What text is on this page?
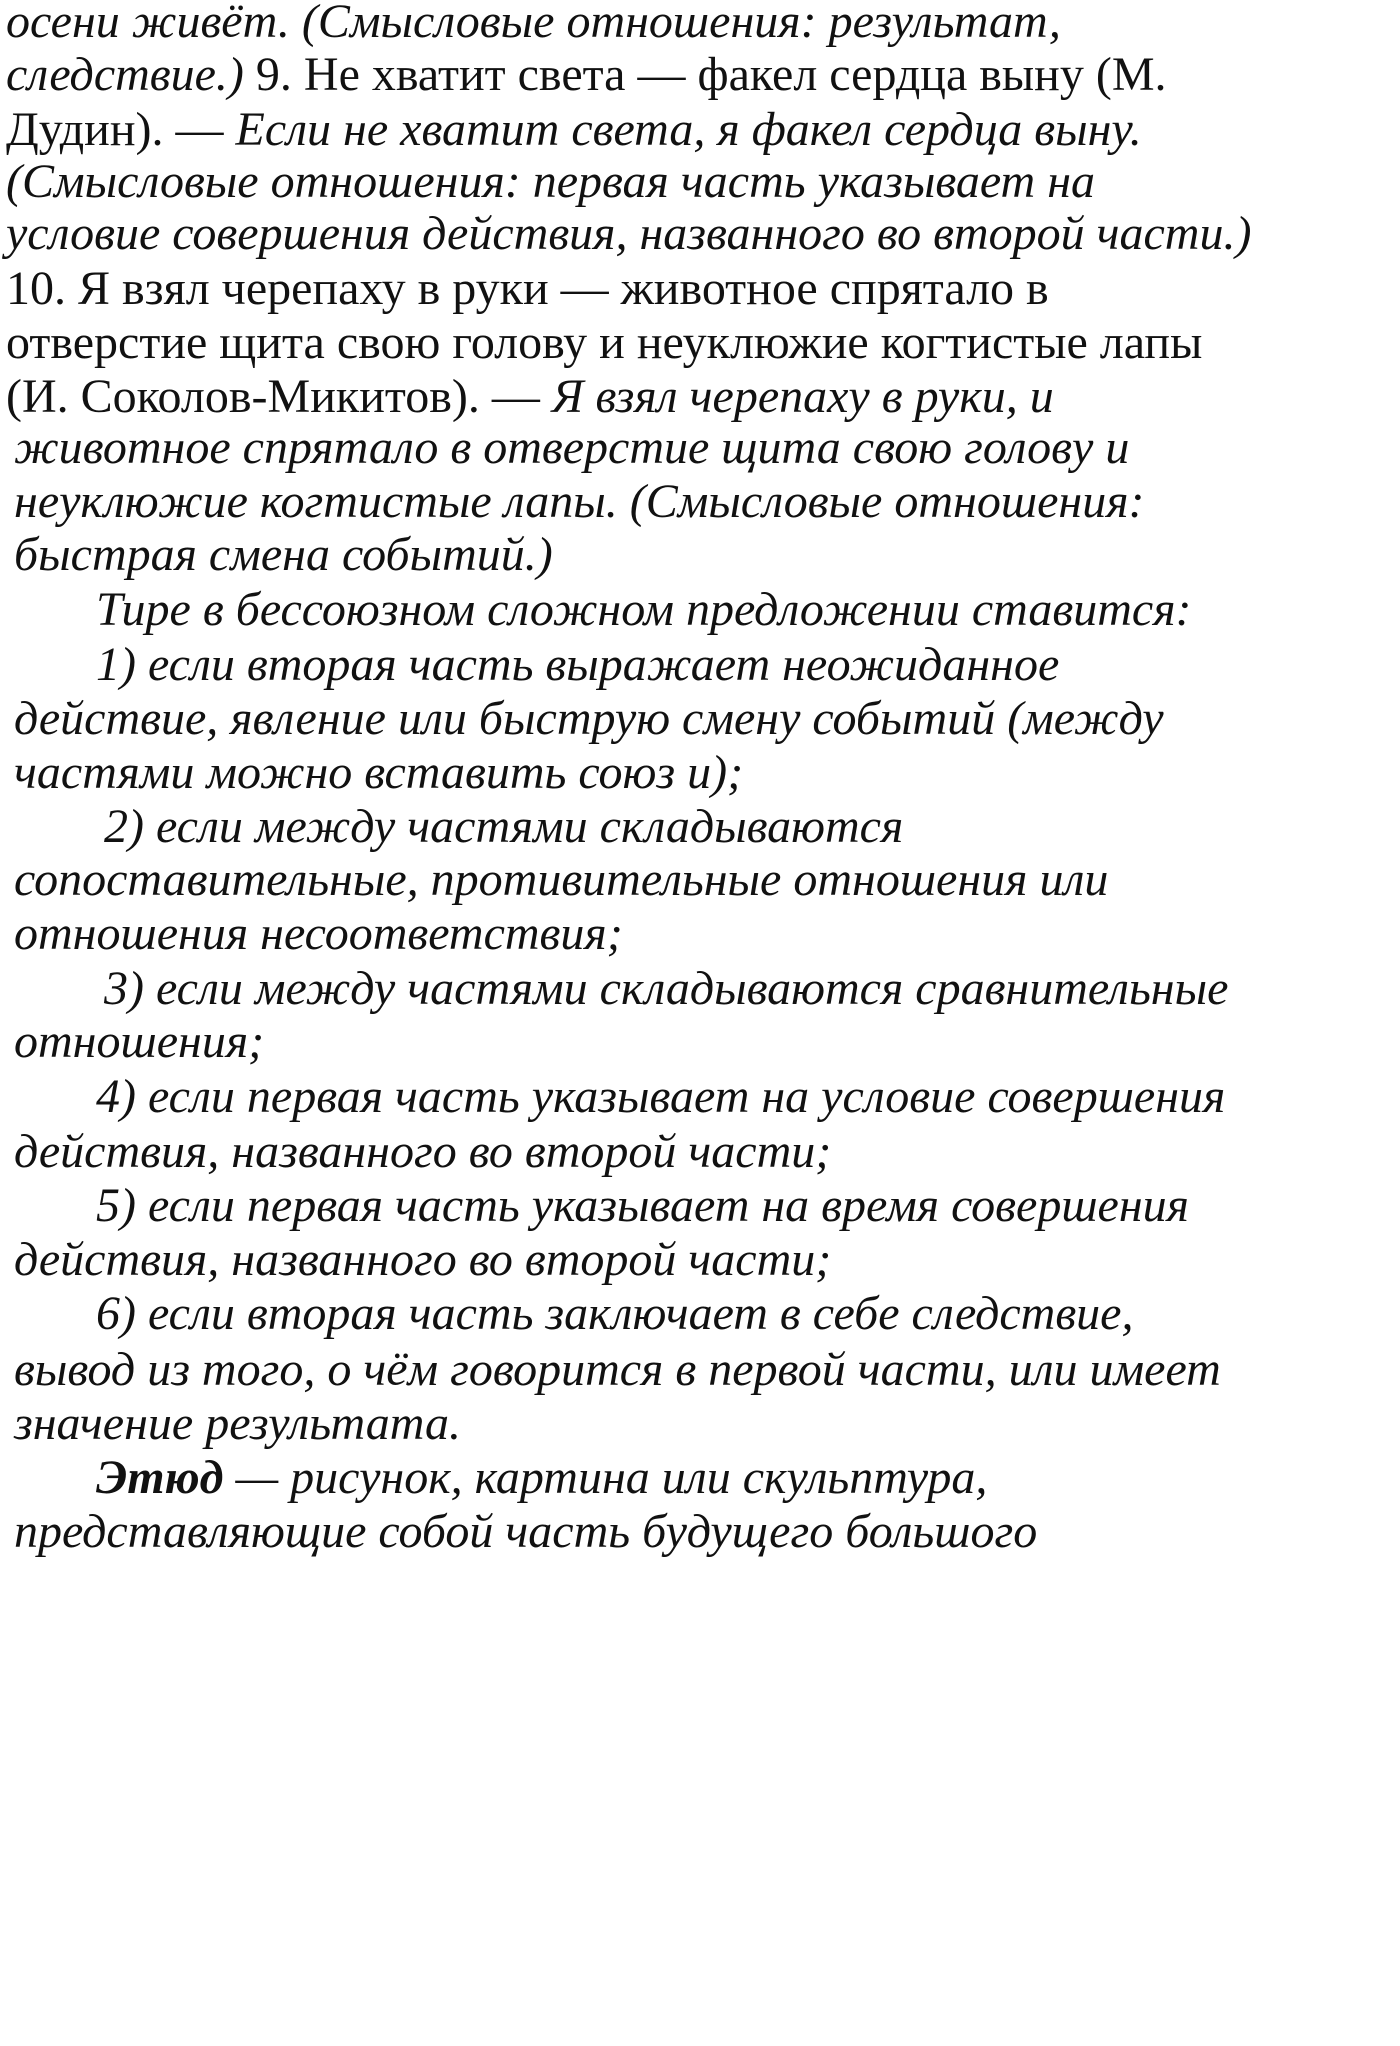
осени живёт. (Смысловые отношения: результат,
следствие.) 9. Не хватит света — факел сердца выну (М.
Дудин). — Если не хватит света, я факел сердца выну.
(Смысловые отношения: первая часть указывает на
условие совершения действия, названного во второй части.)
10. Я взял черепаху в руки — животное спрятало в
отверстие щита свою голову и неуклюжие когтистые лапы
(И. Соколов-Микитов). — Я взял черепаху в руки, и
животное спрятало в отверстие щита свою голову и
неуклюжие когтистые лапы. (Смысловые отношения:
быстрая смена событий.)
Тире в бессоюзном сложном предложении ставится:
1) если вторая часть выражает неожиданное
действие, явление или быструю смену событий (между
частями можно вставить союз и);
2) если между частями складываются
сопоставительные, противительные отношения или
отношения несоответствия;
3) если между частями складываются сравнительные
отношения;
4) если первая часть указывает на условие совершения
действия, названного во второй части;
5) если первая часть указывает на время совершения
действия, названного во второй части;
6) если вторая часть заключает в себе следствие,
вывод из того, о чём говорится в первой части, или имеет
значение результата.
Этюд — рисунок, картина или скульптура,
представляющие собой часть будущего большого
